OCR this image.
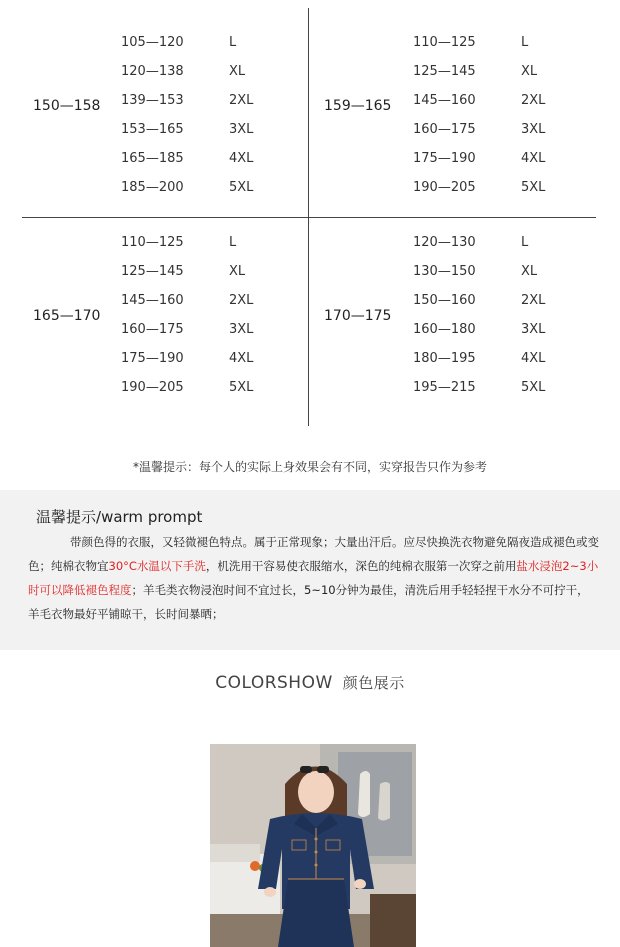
150—158
105—120	L
120—138	XL
139—153	2XL
153—165	3XL
165—185	4XL
185—200	5XL
159—165
110—125	L
125—145	XL
145—160	2XL
160—175	3XL
175—190	4XL
190—205	5XL
165—170
110—125	L
125—145	XL
145—160	2XL
160—175	3XL
175—190	4XL
190—205	5XL
170—175
120—130	L
130—150	XL
150—160	2XL
160—180	3XL
180—195	4XL
195—215	5XL
*温馨提示：每个人的实际上身效果会有不同，实穿报告只作为参考
温馨提示/warm prompt
带颜色得的衣服，又轻微褪色特点。属于正常现象；大量出汗后。应尽快换洗衣物避免隔夜造成褪色或变色；纯棉衣物宜30°C水温以下手洗，机洗用干容易使衣服缩水，深色的纯棉衣服第一次穿之前用盐水浸泡2~3小时可以降低褪色程度；羊毛类衣物浸泡时间不宜过长，5~10分钟为最佳，清洗后用手轻轻捏干水分不可拧干，羊毛衣物最好平铺晾干，长时间暴晒；
COLORSHOW 颜色展示
